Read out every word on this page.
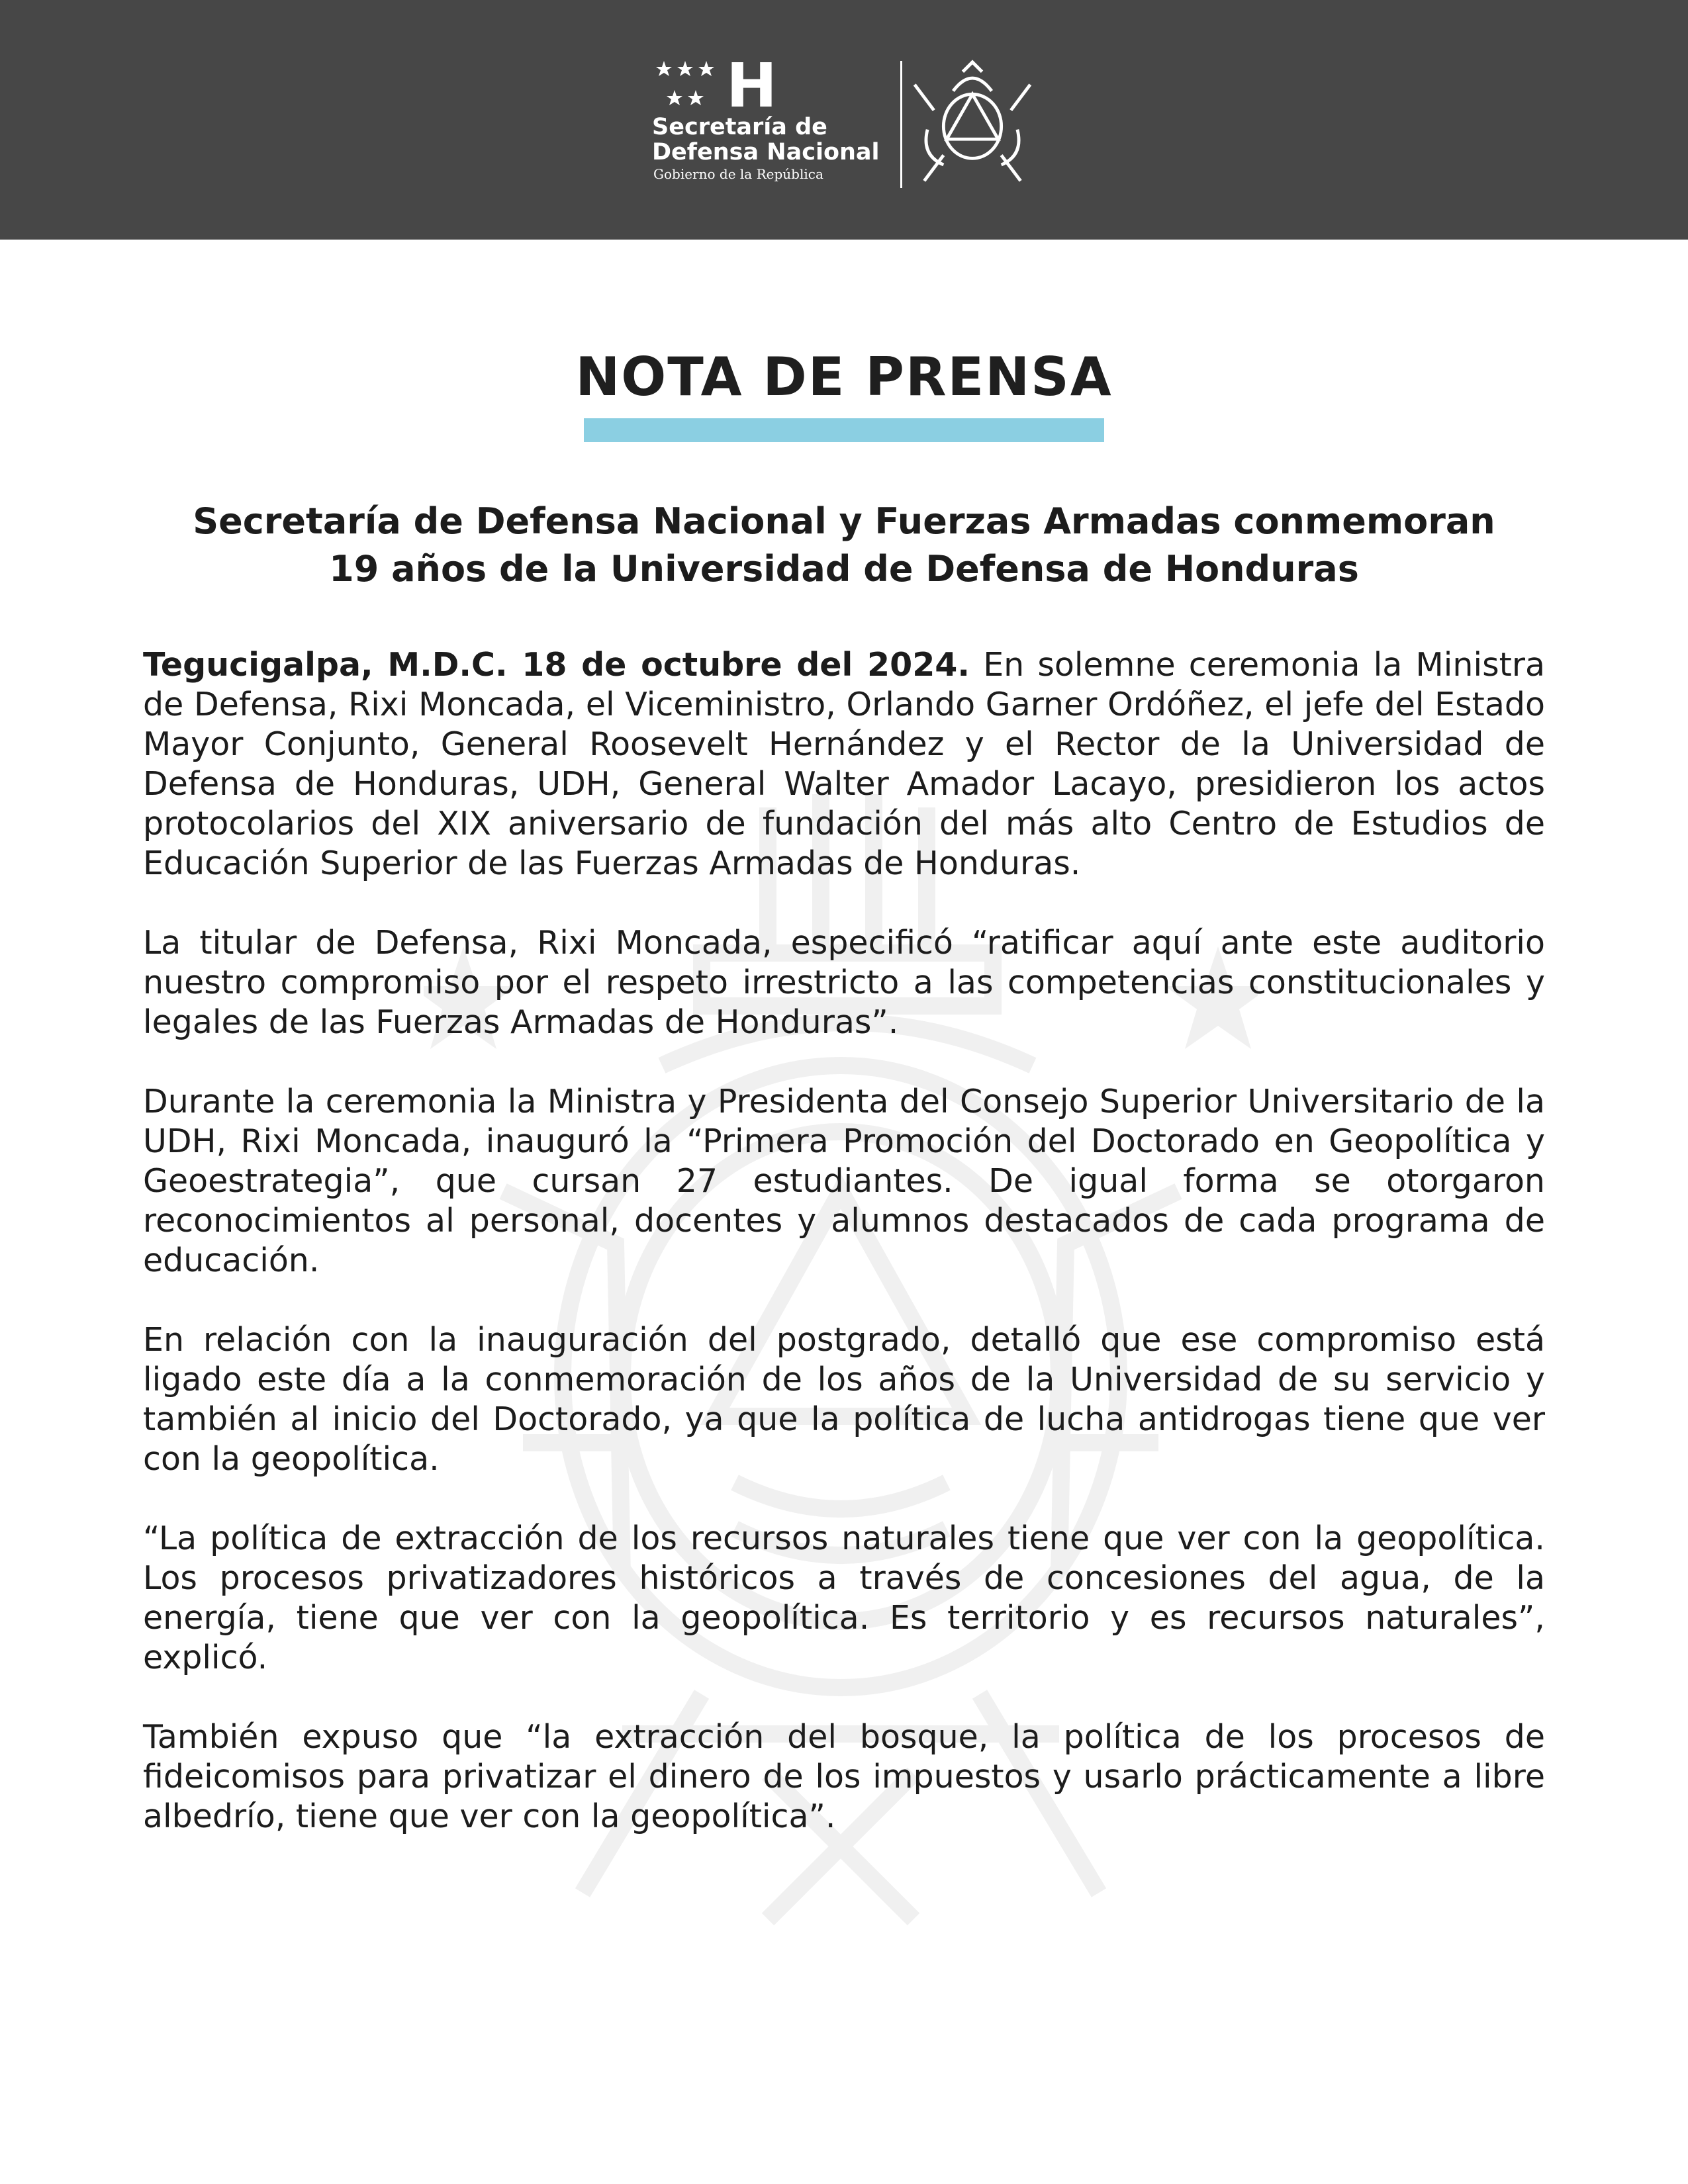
H
Secretaría de
Defensa Nacional
Gobierno de la República
NOTA DE PRENSA
Secretaría de Defensa Nacional y Fuerzas Armadas conmemoran
19 años de la Universidad de Defensa de Honduras

Tegucigalpa, M.D.C. 18 de octubre del 2024. En solemne ceremonia la Ministra de Defensa, Rixi Moncada, el Viceministro, Orlando Garner Ordóñez, el jefe del Estado Mayor Conjunto, General Roosevelt Hernández y el Rector de la Universidad de Defensa de Honduras, UDH, General Walter Amador Lacayo, presidieron los actos protocolarios del XIX aniversario de fundación del más alto Centro de Estudios de Educación Superior de las Fuerzas Armadas de Honduras.

La titular de Defensa, Rixi Moncada, especificó “ratificar aquí ante este auditorio nuestro compromiso por el respeto irrestricto a las competencias constitucionales y legales de las Fuerzas Armadas de Honduras”.

Durante la ceremonia la Ministra y Presidenta del Consejo Superior Universitario de la UDH, Rixi Moncada, inauguró la “Primera Promoción del Doctorado en Geopolítica y Geoestrategia”, que cursan 27 estudiantes. De igual forma se otorgaron reconocimientos al personal, docentes y alumnos destacados de cada programa de educación.

En relación con la inauguración del postgrado, detalló que ese compromiso está ligado este día a la conmemoración de los años de la Universidad de su servicio y también al inicio del Doctorado, ya que la política de lucha antidrogas tiene que ver con la geopolítica.

“La política de extracción de los recursos naturales tiene que ver con la geopolítica. Los procesos privatizadores históricos a través de concesiones del agua, de la energía, tiene que ver con la geopolítica. Es territorio y es recursos naturales”, explicó.

También expuso que “la extracción del bosque, la política de los procesos de fideicomisos para privatizar el dinero de los impuestos y usarlo prácticamente a libre albedrío, tiene que ver con la geopolítica”.
